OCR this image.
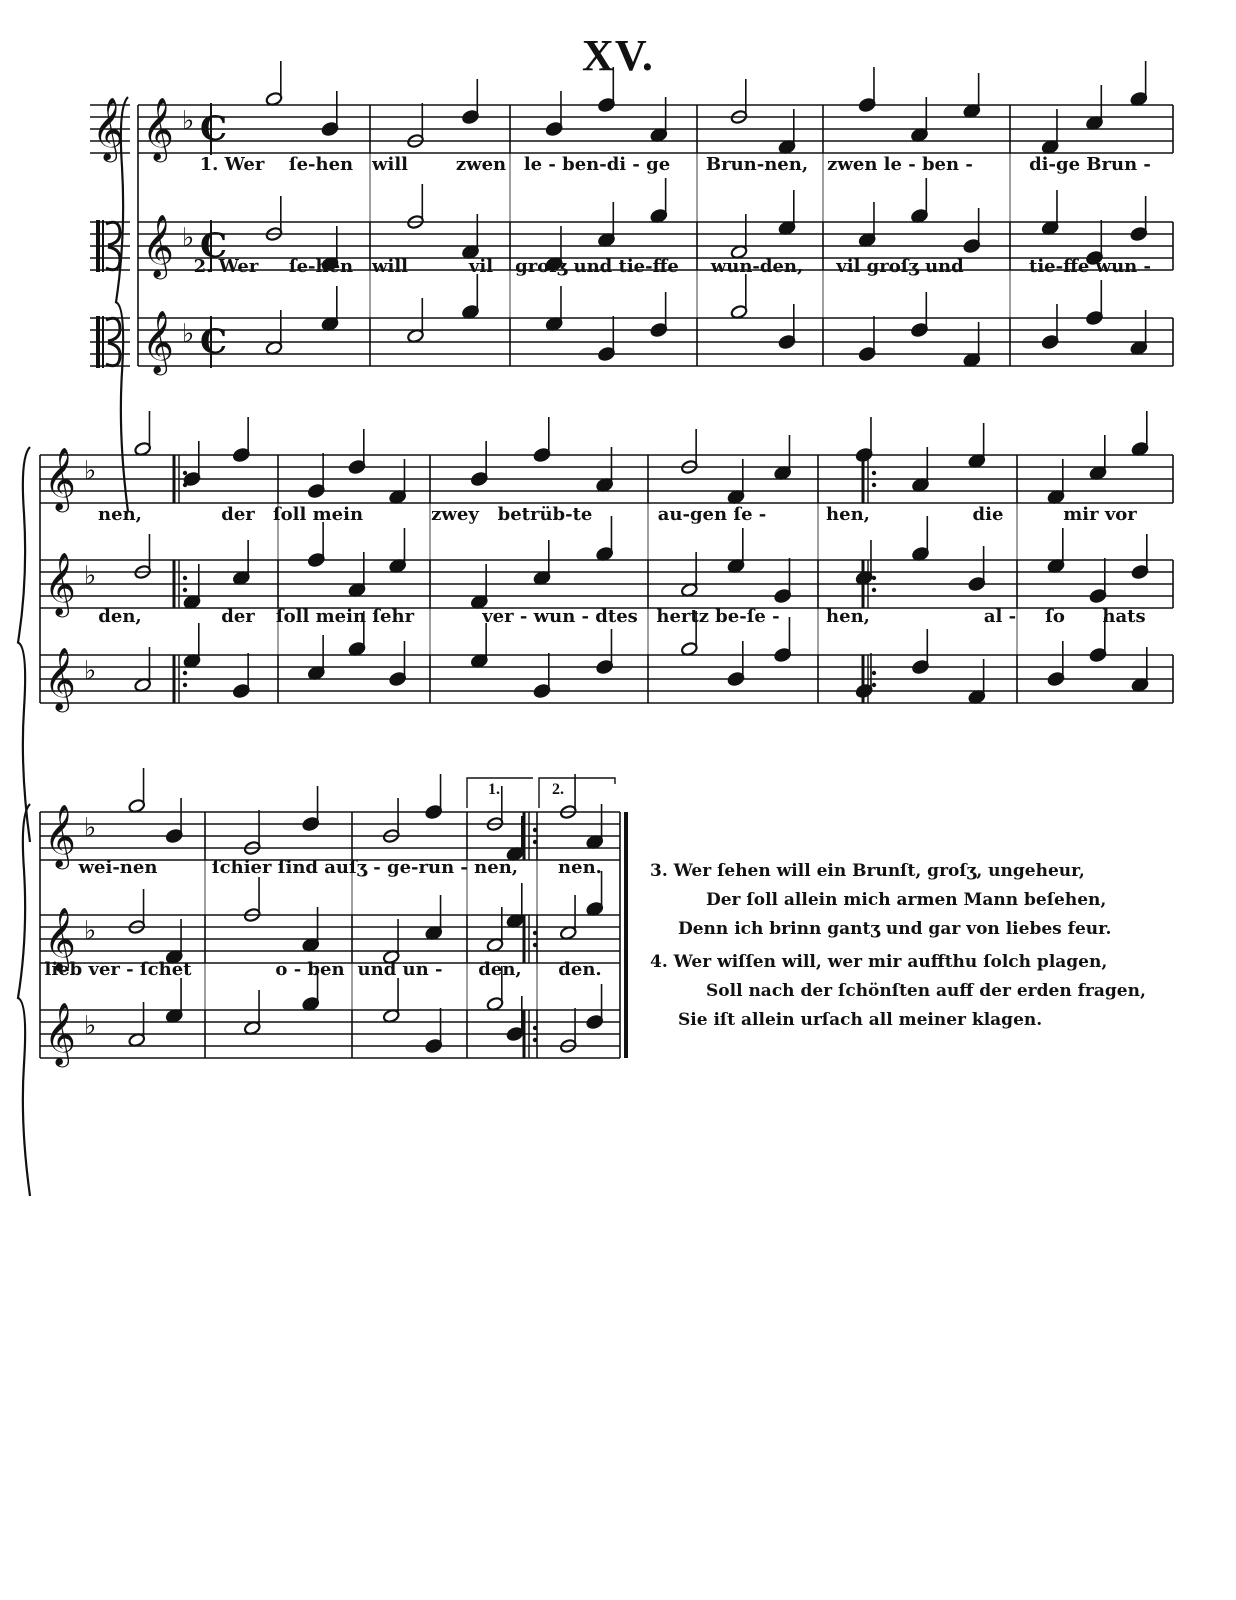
XV.
𝄞 𝄞 ♭ C
𝄞 ♭ C
𝄞 ♭ C
1. Wer ſe-hen will	zwen le - ben-di - ge Brun-nen, zwen le - ben -	di-ge Brun -
2. Wer ſe-hen will	vil groſʒ und tie-ffe wun-den, vil groſʒ und	tie-ffe wun -
𝄞 ♭
𝄞 ♭
𝄞 ♭
nen,	der ſoll mein	zwey betrüb-te	au-gen ſe -	hen,	die	mir vor
den,	der ſoll mein ſehr	ver - wun - dtes hertz be-ſe -	hen,	al - ſo hats
𝄞 ♭
𝄞 ♭
𝄞 ♭
1.	2.
wei-nen	ſchier ſind auſʒ - ge-run - nen, nen.
lieb ver - ſchet	o - ben und un - den, den.
3. Wer ſehen will ein Brunſt, groſʒ, ungeheur,
Der ſoll allein mich armen Mann beſehen,
Denn ich brinn gantʒ und gar von liebes feur.
4. Wer wiſſen will, wer mir auffthu ſolch plagen,
Soll nach der ſchönſten auff der erden fragen,
Sie iſt allein urſach all meiner klagen.
